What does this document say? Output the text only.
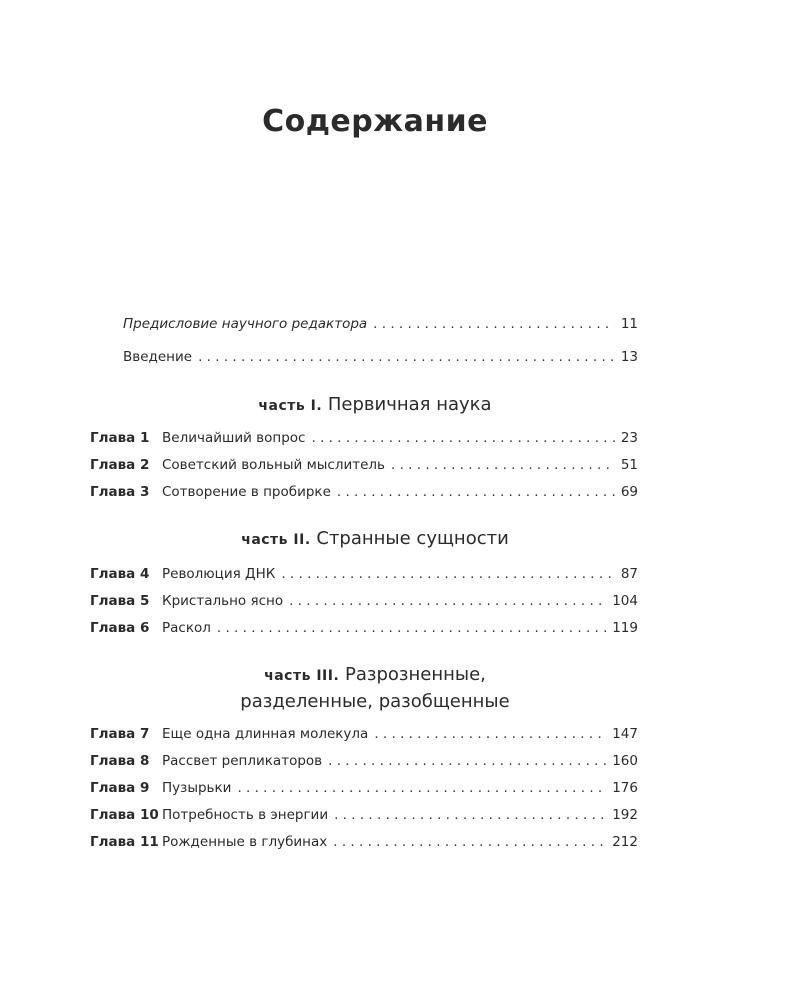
Содержание
Предисловие научного редактора . . .	11
Введение . . .	13
часть I. Первичная наука
Глава 1 Величайший вопрос . . .	23
Глава 2 Советский вольный мыслитель . . .	51
Глава 3 Сотворение в пробирке . . .	69
часть II. Странные сущности
Глава 4 Революция ДНК . . .	87
Глава 5 Кристально ясно . . .	104
Глава 6 Раскол . . .	119
часть III. Разрозненные,
разделенные, разобщенные
Глава 7 Еще одна длинная молекула . . .	147
Глава 8 Рассвет репликаторов . . .	160
Глава 9 Пузырьки . . .	176
Глава 10 Потребность в энергии . . .	192
Глава 11 Рожденные в глубинах . . .	212
